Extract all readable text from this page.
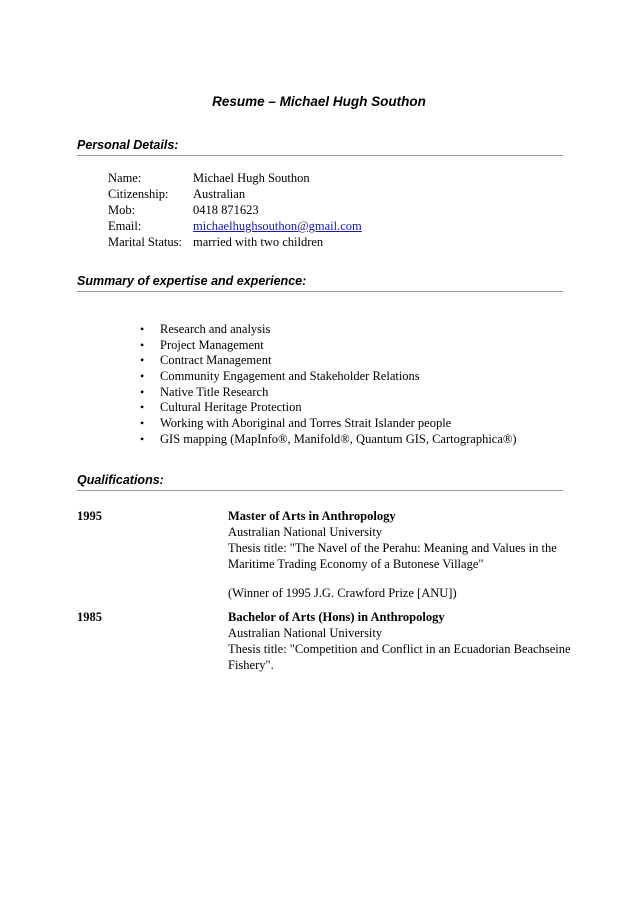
Resume – Michael Hugh Southon
Personal Details:
Name:	Michael Hugh Southon
Citizenship:	Australian
Mob:	0418 871623
Email:	michaelhughsouthon@gmail.com
Marital Status: married with two children
Summary of expertise and experience:
• Research and analysis
• Project Management
• Contract Management
• Community Engagement and Stakeholder Relations
• Native Title Research
• Cultural Heritage Protection
• Working with Aboriginal and Torres Strait Islander people
• GIS mapping (MapInfo®, Manifold®, Quantum GIS, Cartographica®)
Qualifications:
1995	Master of Arts in Anthropology
Australian National University
Thesis title: "The Navel of the Perahu: Meaning and Values in the
Maritime Trading Economy of a Butonese Village"
(Winner of 1995 J.G. Crawford Prize [ANU])
1985	Bachelor of Arts (Hons) in Anthropology
Australian National University
Thesis title: "Competition and Conflict in an Ecuadorian Beachseine
Fishery".
